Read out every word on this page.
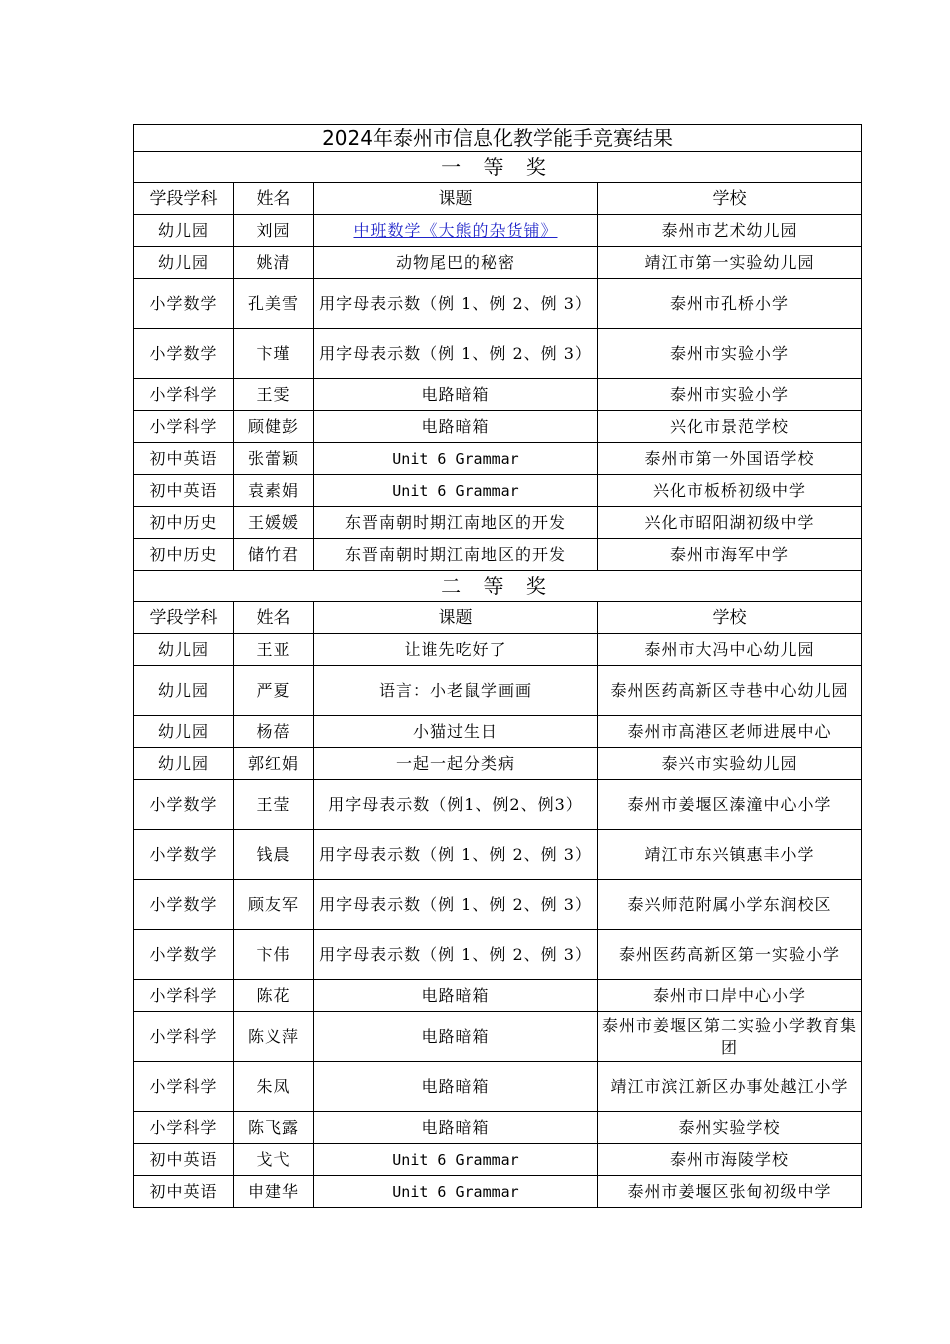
2024年泰州市信息化教学能手竞赛结果			
一 等 奖			
学段学科	姓名	课题	学校
幼儿园	刘园	中班数学《大熊的杂货铺》	泰州市艺术幼儿园
幼儿园	姚清	动物尾巴的秘密	靖江市第一实验幼儿园
小学数学	孔美雪	用字母表示数（例 1、例 2、例 3）	泰州市孔桥小学
小学数学	卞瑾	用字母表示数（例 1、例 2、例 3）	泰州市实验小学
小学科学	王雯	电路暗箱	泰州市实验小学
小学科学	顾健彭	电路暗箱	兴化市景范学校
初中英语	张蕾颖	Unit 6 Grammar	泰州市第一外国语学校
初中英语	袁素娟	Unit 6 Grammar	兴化市板桥初级中学
初中历史	王媛媛	东晋南朝时期江南地区的开发	兴化市昭阳湖初级中学
初中历史	储竹君	东晋南朝时期江南地区的开发	泰州市海军中学
二 等 奖			
学段学科	姓名	课题	学校
幼儿园	王亚	让谁先吃好了	泰州市大冯中心幼儿园
幼儿园	严夏	语言：小老鼠学画画	泰州医药高新区寺巷中心幼儿园
幼儿园	杨蓓	小猫过生日	泰州市高港区老师进展中心
幼儿园	郭红娟	一起一起分类病	泰兴市实验幼儿园
小学数学	王莹	用字母表示数（例1、例2、例3）	泰州市姜堰区溱潼中心小学
小学数学	钱晨	用字母表示数（例 1、例 2、例 3）	靖江市东兴镇惠丰小学
小学数学	顾友军	用字母表示数（例 1、例 2、例 3）	泰兴师范附属小学东润校区
小学数学	卞伟	用字母表示数（例 1、例 2、例 3）	泰州医药高新区第一实验小学
小学科学	陈花	电路暗箱	泰州市口岸中心小学
小学科学	陈义萍	电路暗箱	泰州市姜堰区第二实验小学教育集团
小学科学	朱凤	电路暗箱	靖江市滨江新区办事处越江小学
小学科学	陈飞露	电路暗箱	泰州实验学校
初中英语	戈弋	Unit 6 Grammar	泰州市海陵学校
初中英语	申建华	Unit 6 Grammar	泰州市姜堰区张甸初级中学
